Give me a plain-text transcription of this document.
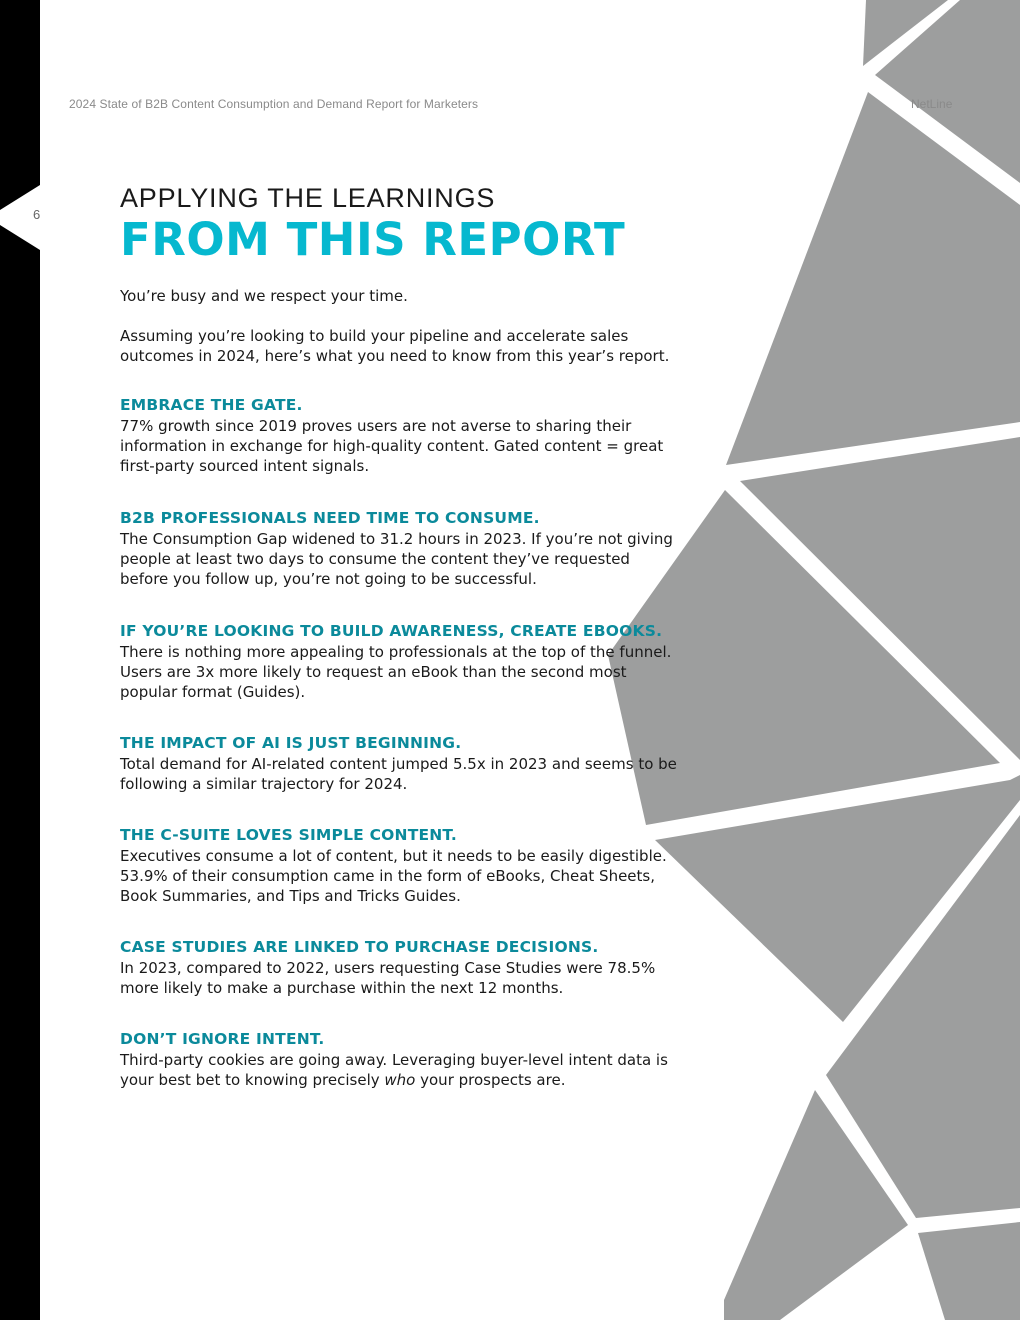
6
2024 State of B2B Content Consumption and Demand Report for Marketers	NetLine
APPLYING THE LEARNINGS
FROM THIS REPORT

You’re busy and we respect your time.

Assuming you’re looking to build your pipeline and accelerate sales outcomes in 2024, here’s what you need to know from this year’s report.

EMBRACE THE GATE.

77% growth since 2019 proves users are not averse to sharing their information in exchange for high-quality content. Gated content = great first-party sourced intent signals.

B2B PROFESSIONALS NEED TIME TO CONSUME.

The Consumption Gap widened to 31.2 hours in 2023. If you’re not giving people at least two days to consume the content they’ve requested before you follow up, you’re not going to be successful.

IF YOU’RE LOOKING TO BUILD AWARENESS, CREATE EBOOKS.

There is nothing more appealing to professionals at the top of the funnel. Users are 3x more likely to request an eBook than the second most popular format (Guides).

THE IMPACT OF AI IS JUST BEGINNING.

Total demand for AI-related content jumped 5.5x in 2023 and seems to be following a similar trajectory for 2024.

THE C-SUITE LOVES SIMPLE CONTENT.

Executives consume a lot of content, but it needs to be easily digestible. 53.9% of their consumption came in the form of eBooks, Cheat Sheets, Book Summaries, and Tips and Tricks Guides.

CASE STUDIES ARE LINKED TO PURCHASE DECISIONS.

In 2023, compared to 2022, users requesting Case Studies were 78.5% more likely to make a purchase within the next 12 months.

DON’T IGNORE INTENT.

Third-party cookies are going away. Leveraging buyer-level intent data is your best bet to knowing precisely who your prospects are.
